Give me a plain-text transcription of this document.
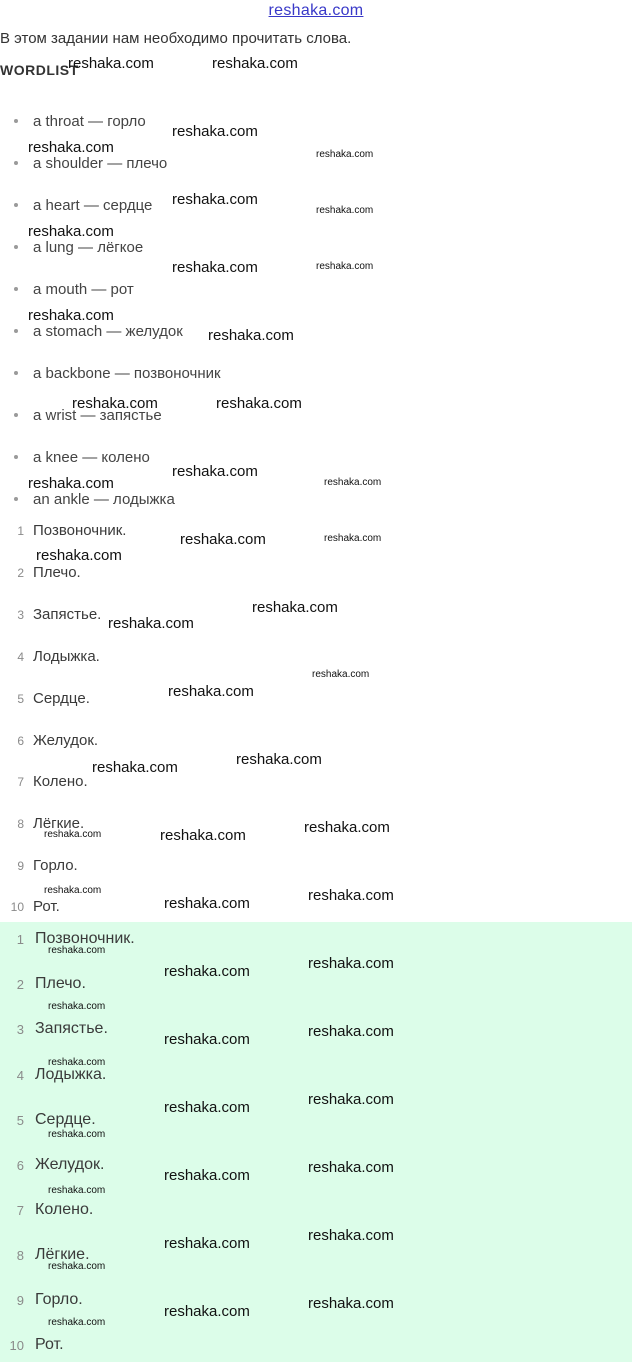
reshaka.com
В этом задании нам необходимо прочитать слова.
WORDLIST
a throat — горло
a shoulder — плечо
a heart — сердце
a lung — лёгкое
a mouth — рот
a stomach — желудок
a backbone — позвоночник
a wrist — запястье
a knee — колено
an ankle — лодыжка
1 Позвоночник.
2 Плечо.
3 Запястье.
4 Лодыжка.
5 Сердце.
6 Желудок.
7 Колено.
8 Лёгкие.
9 Горло.
10 Рот.
1 Позвоночник.
2 Плечо.
3 Запястье.
4 Лодыжка.
5 Сердце.
6 Желудок.
7 Колено.
8 Лёгкие.
9 Горло.
10 Рот.
reshaka.com	reshaka.com
reshaka.com
reshaka.com	reshaka.com
reshaka.com
reshaka.com
reshaka.com
reshaka.com	reshaka.com
reshaka.com
reshaka.com
reshaka.com	reshaka.com
reshaka.com
reshaka.com	reshaka.com
reshaka.com	reshaka.com
reshaka.com
reshaka.com
reshaka.com
reshaka.com
reshaka.com
reshaka.com
reshaka.com
reshaka.com
reshaka.com	reshaka.com
reshaka.com	reshaka.com
reshaka.com
reshaka.com
reshaka.com
reshaka.com
reshaka.com
reshaka.com
reshaka.com
reshaka.com
reshaka.com
reshaka.com
reshaka.com
reshaka.com
reshaka.com
reshaka.com
reshaka.com
reshaka.com
reshaka.com
reshaka.com
reshaka.com
reshaka.com
